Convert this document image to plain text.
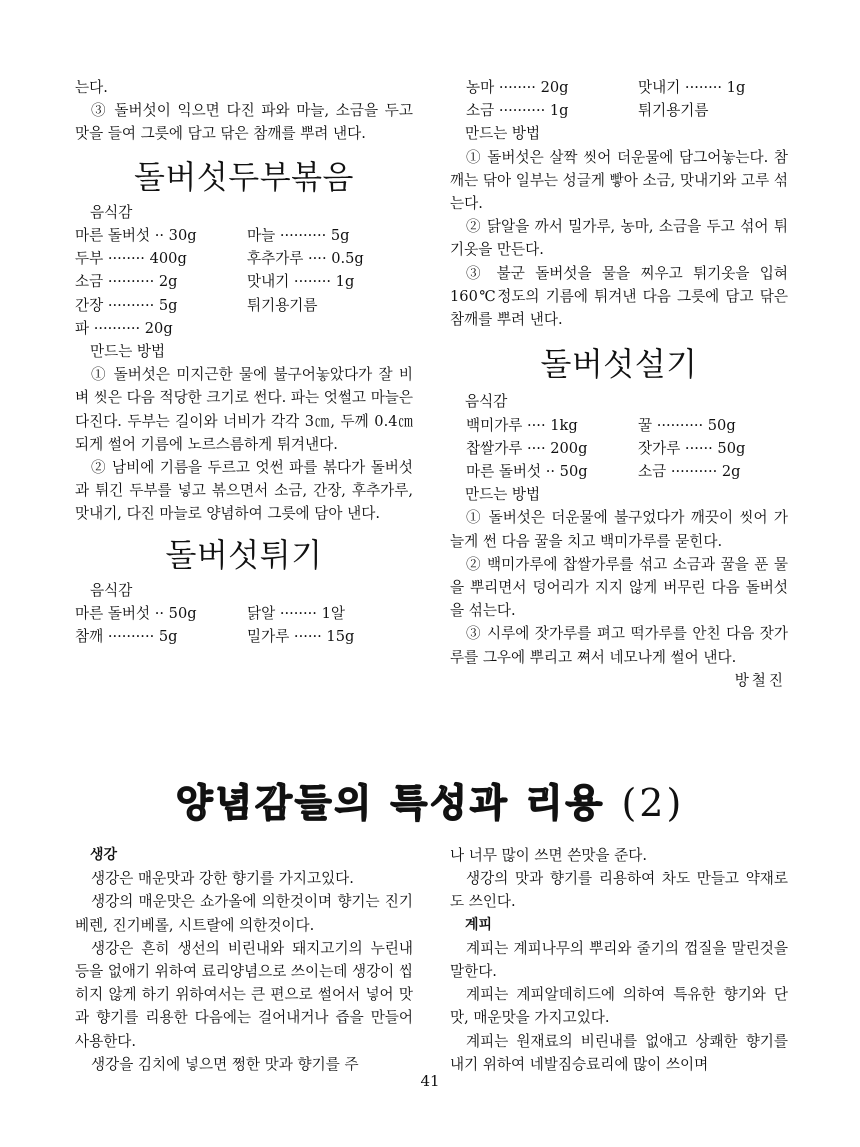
는다.

③ 돌버섯이 익으면 다진 파와 마늘, 소금을 두고 맛을 들여 그릇에 담고 닦은 참깨를 뿌려 낸다.

돌버섯두부볶음
음식감
마른 돌버섯 ·· 30g	마늘 ·········· 5g
두부 ········ 400g	후추가루 ···· 0.5g
소금 ·········· 2g	맛내기 ········ 1g
간장 ·········· 5g	튀기용기름
파 ·········· 20g
만드는 방법

① 돌버섯은 미지근한 물에 불구어놓았다가 잘 비벼 씻은 다음 적당한 크기로 썬다. 파는 엇썰고 마늘은 다진다. 두부는 길이와 너비가 각각 3㎝, 두께 0.4㎝ 되게 썰어 기름에 노르스름하게 튀겨낸다.

② 남비에 기름을 두르고 엇썬 파를 볶다가 돌버섯과 튀긴 두부를 넣고 볶으면서 소금, 간장, 후추가루, 맛내기, 다진 마늘로 양념하여 그릇에 담아 낸다.

돌버섯튀기
음식감
마른 돌버섯 ·· 50g	닭알 ········ 1알
참깨 ·········· 5g	밀가루 ······ 15g
농마 ········ 20g	맛내기 ········ 1g
소금 ·········· 1g	튀기용기름
만드는 방법

① 돌버섯은 살짝 씻어 더운물에 담그어놓는다. 참깨는 닦아 일부는 성글게 빻아 소금, 맛내기와 고루 섞는다.

② 닭알을 까서 밀가루, 농마, 소금을 두고 섞어 튀기옷을 만든다.

③ 불군 돌버섯을 물을 찌우고 튀기옷을 입혀 160℃정도의 기름에 튀겨낸 다음 그릇에 담고 닦은 참깨를 뿌려 낸다.

돌버섯설기
음식감
백미가루 ···· 1kg	꿀 ·········· 50g
찹쌀가루 ···· 200g	잣가루 ······ 50g
마른 돌버섯 ·· 50g	소금 ·········· 2g
만드는 방법

① 돌버섯은 더운물에 불구었다가 깨끗이 씻어 가늘게 썬 다음 꿀을 치고 백미가루를 묻힌다.

② 백미가루에 찹쌀가루를 섞고 소금과 꿀을 푼 물을 뿌리면서 덩어리가 지지 않게 버무린 다음 돌버섯을 섞는다.

③ 시루에 잣가루를 펴고 떡가루를 안친 다음 잣가루를 그우에 뿌리고 쪄서 네모나게 썰어 낸다.

방철진
양념감들의 특성과 리용 (2)
생강

생강은 매운맛과 강한 향기를 가지고있다.

생강의 매운맛은 쇼가올에 의한것이며 향기는 진기베렌, 진기베롤, 시트랄에 의한것이다.

생강은 흔히 생선의 비린내와 돼지고기의 누린내 등을 없애기 위하여 료리양념으로 쓰이는데 생강이 씹히지 않게 하기 위하여서는 큰 편으로 썰어서 넣어 맛과 향기를 리용한 다음에는 걸어내거나 즙을 만들어 사용한다.

생강을 김치에 넣으면 쩡한 맛과 향기를 주

나 너무 많이 쓰면 쓴맛을 준다.

생강의 맛과 향기를 리용하여 차도 만들고 약재로도 쓰인다.

계피

계피는 계피나무의 뿌리와 줄기의 껍질을 말린것을 말한다.

계피는 계피알데히드에 의하여 특유한 향기와 단맛, 매운맛을 가지고있다.

계피는 원재료의 비린내를 없애고 상쾌한 향기를 내기 위하여 네발짐승료리에 많이 쓰이며

41
